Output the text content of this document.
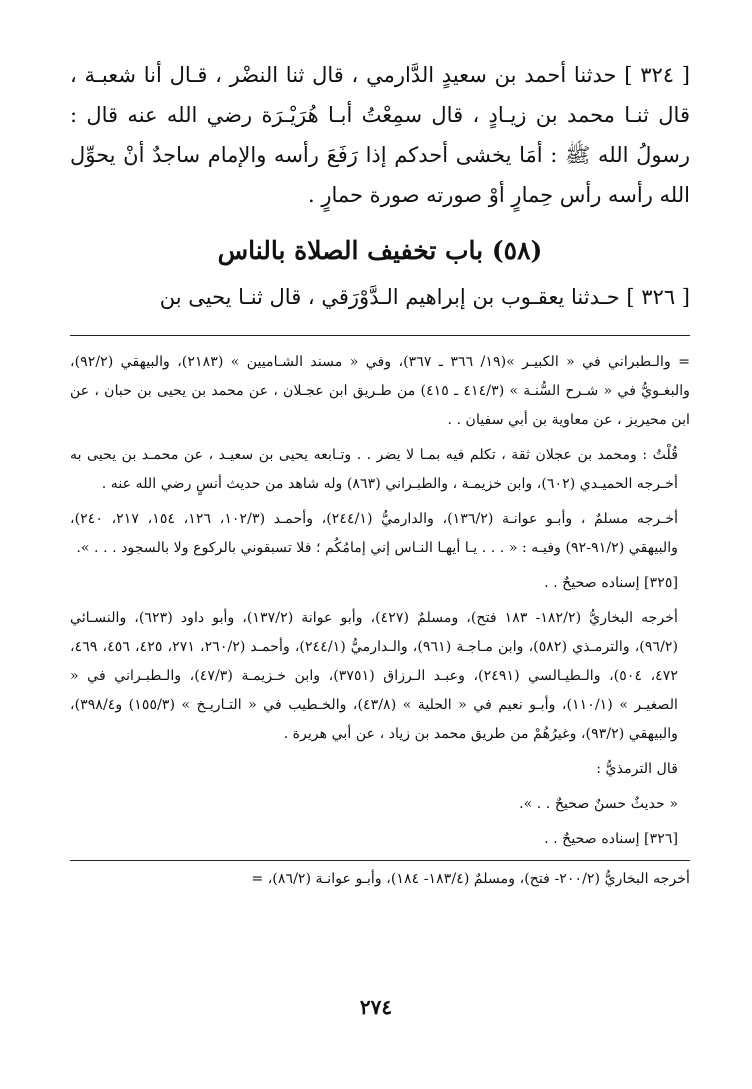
[ ٣٢٤ ] حدثنا أحمد بن سعيدٍ الدَّارمي ، قال ثنا النضْر ، قـال أنا شعبـة ، قال ثنـا محمد بن زيـادٍ ، قال سمِعْتُ أبـا هُرَيْـرَة رضي الله عنه قال : رسولُ الله ﷺ : أمَا يخشى أحدكم إذا رَفَعَ رأسه والإمام ساجدٌ أنْ يحوِّل الله رأسه رأس حِمارٍ أوْ صورته صورة حمارٍ .

(٥٨) باب تخفيف الصلاة بالناس

[ ٣٢٦ ] حـدثنا يعقـوب بن إبراهيم الـدَّوْرَقي ، قال ثنـا يحيى بن

= والـطبراني في « الكبيـر »(١٩/ ٣٦٦ ـ ٣٦٧)، وفي « مسند الشـاميين » (٢١٨٣)، والبيهقي (٩٢/٢)، والبغـويُّ في « شـرح السُّنـة » (٤١٤/٣ ـ ٤١٥) من طـريق ابن عجـلان ، عن محمد بن يحيى بن حبان ، عن ابن محيريز ، عن معاوية بن أبي سفيان . .

قُلْتُ : ومحمد بن عجلان ثقة ، تكلم فيه بمـا لا يضر . . وتـابعه يحيى بن سعيـد ، عن محمـد بن يحيى به أخـرجه الحميـدي (٦٠٢)، وابن خزيمـة ، والطبـراني (٨٦٣) وله شاهد من حديث أنسٍ رضي الله عنه .

أخـرجه مسلمٌ ، وأبـو عوانـة (١٣٦/٢)، والدارميُّ (٢٤٤/١)، وأحمـد (١٠٢/٣، ١٢٦، ١٥٤، ٢١٧، ٢٤٠)، والبيهقي (٩١/٢-٩٢) وفيـه : « . . . يـا أيهـا النـاس إني إمامُكُم ؛ فلا تسبقوني بالركوع ولا بالسجود . . . ».

[٣٢٥] إسناده صحيحٌ . .

أخرجه البخاريُّ (١٨٢/٢- ١٨٣ فتح)، ومسلمٌ (٤٢٧)، وأبو عوانة (١٣٧/٢)، وأبو داود (٦٢٣)، والنسـائي (٩٦/٢)، والترمـذي (٥٨٢)، وابن مـاجـة (٩٦١)، والـدارميُّ (٢٤٤/١)، وأحمـد (٢٦٠/٢، ٢٧١، ٤٢٥، ٤٥٦، ٤٦٩، ٤٧٢، ٥٠٤)، والـطيـالسي (٢٤٩١)، وعبـد الـرزاق (٣٧٥١)، وابن خـزيمـة (٤٧/٣)، والـطبـراني في « الصغيـر » (١١٠/١)، وأبـو نعيم في « الحلية » (٤٣/٨)، والخـطيب في « التـاريـخ » (١٥٥/٣) و٣٩٨/٤)، والبيهقي (٩٣/٢)، وغيرُهُمْ من طريق محمد بن زياد ، عن أبي هريرة .

قال الترمذيُّ :

« حديثٌ حسنٌ صحيحٌ . . ».

[٣٢٦] إسناده صحيحٌ . .

أخرجه البخاريُّ (٢٠٠/٢- فتح)، ومسلمٌ (١٨٣/٤- ١٨٤)، وأبـو عوانـة (٨٦/٢)، =

٢٧٤
